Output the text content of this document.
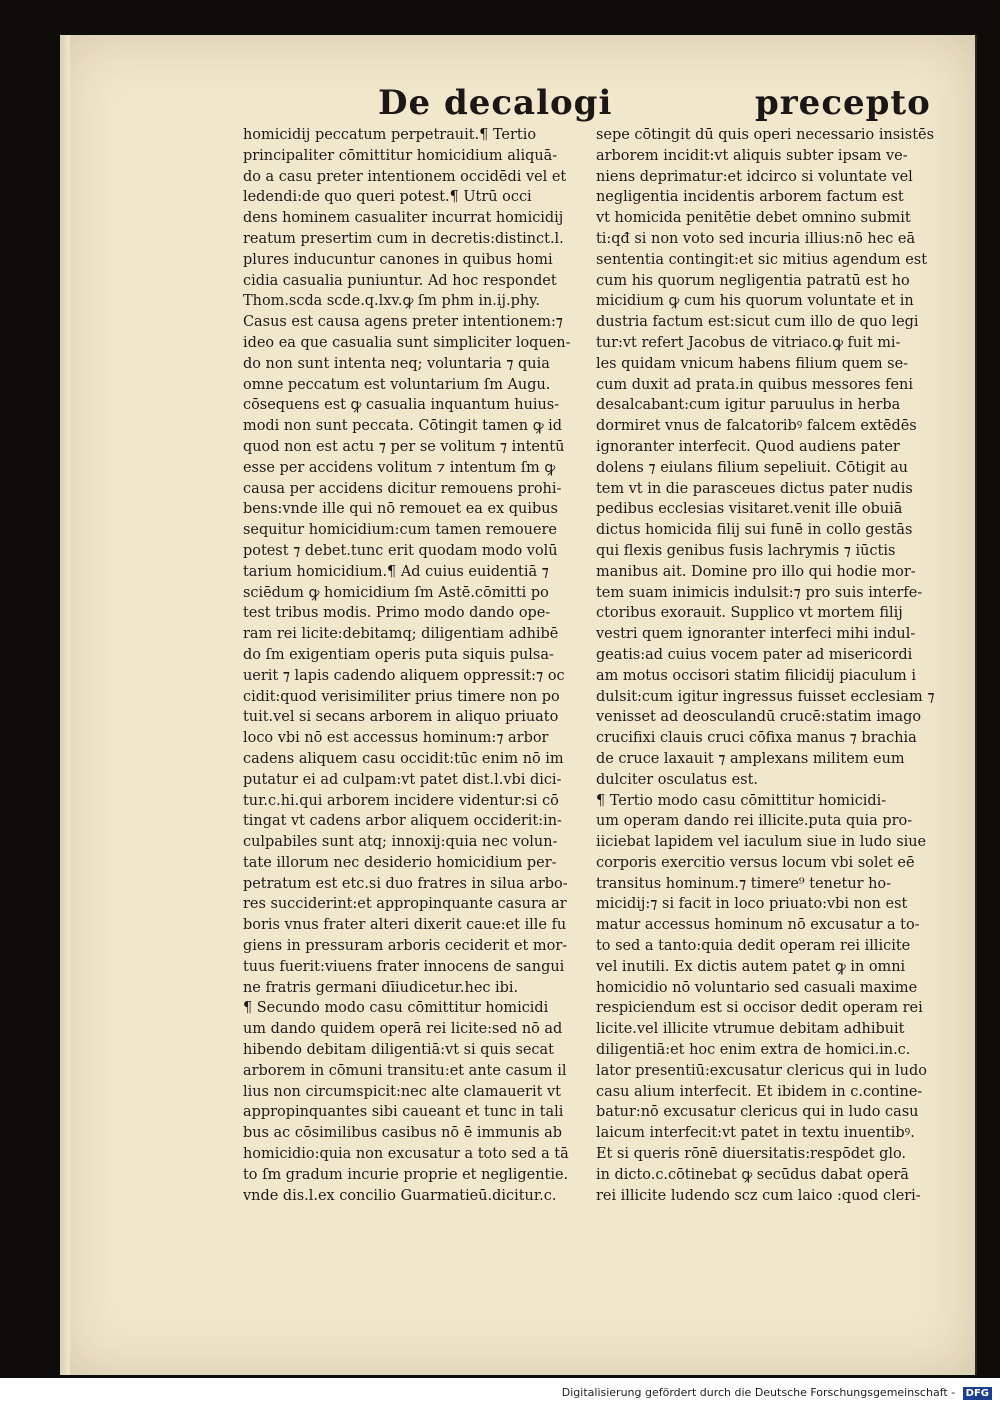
De decalogi	precepto
homicidij peccatum perpetrauit.¶ Tertio
principaliter cōmittitur homicidium aliquā-
do a casu preter intentionem occidēdi vel et
ledendi:de quo queri potest.¶ Utrū occi
dens hominem casualiter incurrat homicidij
reatum presertim cum in decretis:distinct.l.
plures inducuntur canones in quibus homi
cidia casualia puniuntur. Ad hoc respondet
Thom.scda scde.q.lxv.ꝙ ſm phm in.ij.phy.
Casus est causa agens preter intentionem:⁊
ideo ea que casualia sunt simpliciter loquen-
do non sunt intenta neq; voluntaria ⁊ quia
omne peccatum est voluntarium ſm Augu.
cōsequens est ꝙ casualia inquantum huius-
modi non sunt peccata. Cōtingit tamen ꝙ id
quod non est actu ⁊ per se volitum ⁊ intentū
esse per accidens volitum ⁊ intentum ſm ꝙ
causa per accidens dicitur remouens prohi-
bens:vnde ille qui nō remouet ea ex quibus
sequitur homicidium:cum tamen remouere
potest ⁊ debet.tunc erit quodam modo volū
tarium homicidium.¶ Ad cuius euidentiā ⁊
sciēdum ꝙ homicidium ſm Astē.cōmitti po
test tribus modis. Primo modo dando ope-
ram rei licite:debitamq; diligentiam adhibē
do ſm exigentiam operis puta siquis pulsa-
uerit ⁊ lapis cadendo aliquem oppressit:⁊ oc
cidit:quod verisimiliter prius timere non po
tuit.vel si secans arborem in aliquo priuato
loco vbi nō est accessus hominum:⁊ arbor
cadens aliquem casu occidit:tūc enim nō im
putatur ei ad culpam:vt patet dist.l.vbi dici-
tur.c.hi.qui arborem incidere videntur:si cō
tingat vt cadens arbor aliquem occiderit:in-
culpabiles sunt atq; innoxij:quia nec volun-
tate illorum nec desiderio homicidium per-
petratum est etc.si duo fratres in silua arbo-
res succiderint:et appropinquante casura ar
boris vnus frater alteri dixerit caue:et ille fu
giens in pressuram arboris ceciderit et mor-
tuus fuerit:viuens frater innocens de sangui
ne fratris germani dīiudicetur.hec ibi.
¶ Secundo modo casu cōmittitur homicidi
um dando quidem operā rei licite:sed nō ad
hibendo debitam diligentiā:vt si quis secat
arborem in cōmuni transitu:et ante casum il
lius non circumspicit:nec alte clamauerit vt
appropinquantes sibi caueant et tunc in tali
bus ac cōsimilibus casibus nō ē immunis ab
homicidio:quia non excusatur a toto sed a tā
to ſm gradum incurie proprie et negligentie.
vnde dis.l.ex concilio Guarmatieū.dicitur.c.
sepe cōtingit dū quis operi necessario insistēs
arborem incidit:vt aliquis subter ipsam ve-
niens deprimatur:et idcirco si voluntate vel
negligentia incidentis arborem factum est
vt homicida penitētie debet omnino submit
ti:qđ si non voto sed incuria illius:nō hec eā
sententia contingit:et sic mitius agendum est
cum his quorum negligentia patratū est ho
micidium ꝙ cum his quorum voluntate et in
dustria factum est:sicut cum illo de quo legi
tur:vt refert Jacobus de vitriaco.ꝙ fuit mi-
les quidam vnicum habens filium quem se-
cum duxit ad prata.in quibus messores feni
desalcabant:cum igitur paruulus in herba
dormiret vnus de falcatoribꝰ falcem extēdēs
ignoranter interfecit. Quod audiens pater
dolens ⁊ eiulans filium sepeliuit. Cōtigit au
tem vt in die parasceues dictus pater nudis
pedibus ecclesias visitaret.venit ille obuiā
dictus homicida filij sui funē in collo gestās
qui flexis genibus fusis lachrymis ⁊ iūctis
manibus ait. Domine pro illo qui hodie mor-
tem suam inimicis indulsit:⁊ pro suis interfe-
ctoribus exorauit. Supplico vt mortem filij
vestri quem ignoranter interfeci mihi indul-
geatis:ad cuius vocem pater ad misericordi
am motus occisori statim filicidij piaculum i
dulsit:cum igitur ingressus fuisset ecclesiam ⁊
venisset ad deosculandū crucē:statim imago
crucifixi clauis cruci cōfixa manus ⁊ brachia
de cruce laxauit ⁊ amplexans militem eum
dulciter osculatus est.
¶ Tertio modo casu cōmittitur homicidi-
um operam dando rei illicite.puta quia pro-
iiciebat lapidem vel iaculum siue in ludo siue
corporis exercitio versus locum vbi solet eē
transitus hominum.⁊ timere⁹ tenetur ho-
micidij:⁊ si facit in loco priuato:vbi non est
matur accessus hominum nō excusatur a to-
to sed a tanto:quia dedit operam rei illicite
vel inutili. Ex dictis autem patet ꝙ in omni
homicidio nō voluntario sed casuali maxime
respiciendum est si occisor dedit operam rei
licite.vel illicite vtrumue debitam adhibuit
diligentiā:et hoc enim extra de homici.in.c.
lator presentiū:excusatur clericus qui in ludo
casu alium interfecit. Et ibidem in c.contine-
batur:nō excusatur clericus qui in ludo casu
laicum interfecit:vt patet in textu inuentibꝰ.
Et si queris rōnē diuersitatis:respōdet glo.
in dicto.c.cōtinebat ꝙ secūdus dabat operā
rei illicite ludendo scz cum laico :quod cleri-
Digitalisierung gefördert durch die Deutsche Forschungsgemeinschaft - DFG
